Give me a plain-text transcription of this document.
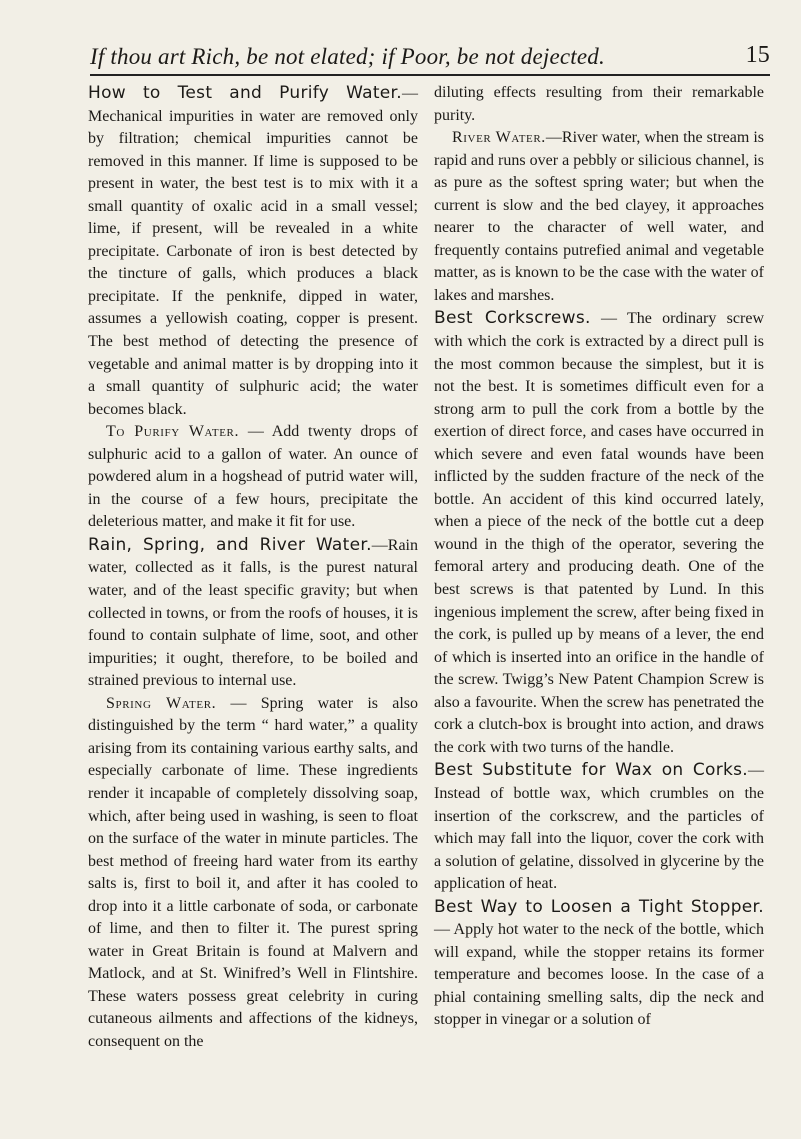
If thou art Rich, be not elated; if Poor, be not dejected.	15

How to Test and Purify Water.—Mechanical impurities in water are removed only by filtration; chemical impurities cannot be removed in this manner. If lime is supposed to be present in water, the best test is to mix with it a small quantity of oxalic acid in a small vessel; lime, if present, will be revealed in a white precipitate. Carbonate of iron is best detected by the tincture of galls, which produces a black precipitate. If the penknife, dipped in water, assumes a yellowish coating, copper is present. The best method of detecting the presence of vegetable and animal matter is by dropping into it a small quantity of sulphuric acid; the water becomes black.

To Purify Water. — Add twenty drops of sulphuric acid to a gallon of water. An ounce of powdered alum in a hogshead of putrid water will, in the course of a few hours, precipitate the deleterious matter, and make it fit for use.

Rain, Spring, and River Water.—Rain water, collected as it falls, is the purest natural water, and of the least specific gravity; but when collected in towns, or from the roofs of houses, it is found to contain sulphate of lime, soot, and other impurities; it ought, therefore, to be boiled and strained previous to internal use.

Spring Water. — Spring water is also distinguished by the term “ hard water,” a quality arising from its containing various earthy salts, and especially carbonate of lime. These ingredients render it incapable of completely dissolving soap, which, after being used in washing, is seen to float on the surface of the water in minute particles. The best method of freeing hard water from its earthy salts is, first to boil it, and after it has cooled to drop into it a little carbonate of soda, or carbonate of lime, and then to filter it. The purest spring water in Great Britain is found at Malvern and Matlock, and at St. Winifred’s Well in Flintshire. These waters possess great celebrity in curing cutaneous ailments and affections of the kidneys, consequent on the

diluting effects resulting from their remarkable purity.

River Water.—River water, when the stream is rapid and runs over a pebbly or silicious channel, is as pure as the softest spring water; but when the current is slow and the bed clayey, it approaches nearer to the character of well water, and frequently contains putrefied animal and vegetable matter, as is known to be the case with the water of lakes and marshes.

Best Corkscrews. — The ordinary screw with which the cork is extracted by a direct pull is the most common because the simplest, but it is not the best. It is sometimes difficult even for a strong arm to pull the cork from a bottle by the exertion of direct force, and cases have occurred in which severe and even fatal wounds have been inflicted by the sudden fracture of the neck of the bottle. An accident of this kind occurred lately, when a piece of the neck of the bottle cut a deep wound in the thigh of the operator, severing the femoral artery and producing death. One of the best screws is that patented by Lund. In this ingenious implement the screw, after being fixed in the cork, is pulled up by means of a lever, the end of which is inserted into an orifice in the handle of the screw. Twigg’s New Patent Champion Screw is also a favourite. When the screw has penetrated the cork a clutch-box is brought into action, and draws the cork with two turns of the handle.

Best Substitute for Wax on Corks.—Instead of bottle wax, which crumbles on the insertion of the corkscrew, and the particles of which may fall into the liquor, cover the cork with a solution of gelatine, dissolved in glycerine by the application of heat.

Best Way to Loosen a Tight Stopper. — Apply hot water to the neck of the bottle, which will expand, while the stopper retains its former temperature and becomes loose. In the case of a phial containing smelling salts, dip the neck and stopper in vinegar or a solution of
